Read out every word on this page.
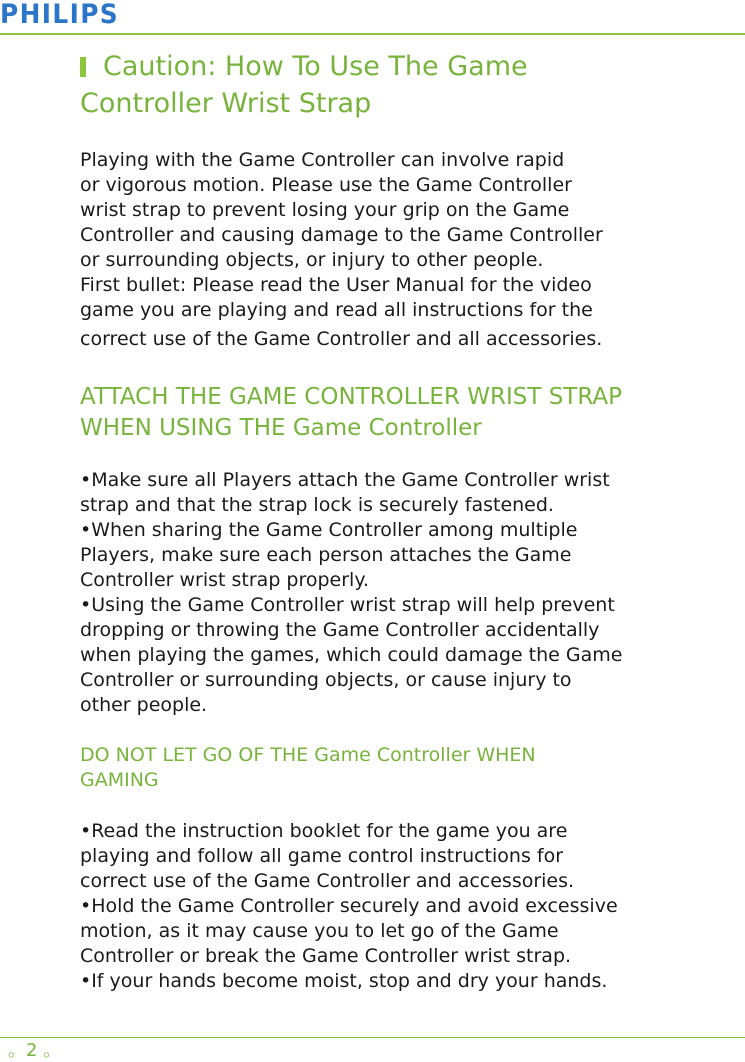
PHILIPS
Caution: How To Use The Game
Controller Wrist Strap
Playing with the Game Controller can involve rapid
or vigorous motion. Please use the Game Controller
wrist strap to prevent losing your grip on the Game
Controller and causing damage to the Game Controller
or surrounding objects, or injury to other people.
First bullet: Please read the User Manual for the video
game you are playing and read all instructions for the
correct use of the Game Controller and all accessories.
ATTACH THE GAME CONTROLLER WRIST STRAP
WHEN USING THE Game Controller
•Make sure all Players attach the Game Controller wrist
strap and that the strap lock is securely fastened.
•When sharing the Game Controller among multiple
Players, make sure each person attaches the Game
Controller wrist strap properly.
•Using the Game Controller wrist strap will help prevent
dropping or throwing the Game Controller accidentally
when playing the games, which could damage the Game
Controller or surrounding objects, or cause injury to
other people.
DO NOT LET GO OF THE Game Controller WHEN
GAMING
•Read the instruction booklet for the game you are
playing and follow all game control instructions for
correct use of the Game Controller and accessories.
•Hold the Game Controller securely and avoid excessive
motion, as it may cause you to let go of the Game
Controller or break the Game Controller wrist strap.
•If your hands become moist, stop and dry your hands.
。2 。
